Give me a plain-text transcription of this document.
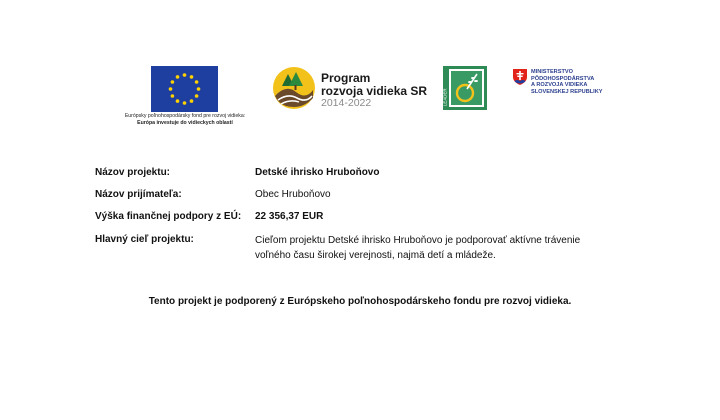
Európsky poľnohospodársky fond pre rozvoj vidieka:
Európa investuje do vidieckych oblastí
Program
rozvoja vidieka SR
2014-2022	LEADER
MINISTERSTVO
PÔDOHOSPODÁRSTVA
A ROZVOJA VIDIEKA
SLOVENSKEJ REPUBLIKY
Názov projektu:	Detské ihrisko Hruboňovo
Názov prijímateľa:	Obec Hruboňovo
Výška finančnej podpory z EÚ: 22 356,37 EUR
Hlavný cieľ projektu:	Cieľom projektu Detské ihrisko Hruboňovo je podporovať aktívne trávenie voľného času širokej verejnosti, najmä detí a mládeže.
Tento projekt je podporený z Európskeho poľnohospodárskeho fondu pre rozvoj vidieka.
